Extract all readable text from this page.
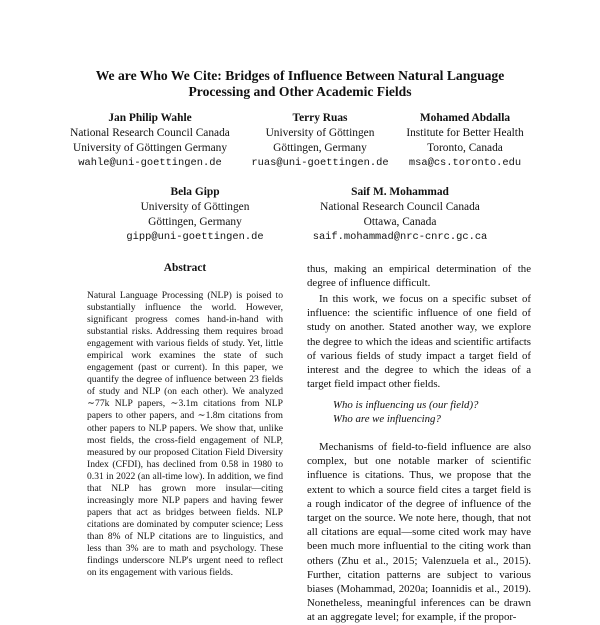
We are Who We Cite: Bridges of Influence Between Natural Language
Processing and Other Academic Fields
Jan Philip Wahle
National Research Council Canada
University of Göttingen Germany
wahle@uni-goettingen.de
Terry Ruas
University of Göttingen
Göttingen, Germany
ruas@uni-goettingen.de
Mohamed Abdalla
Institute for Better Health
Toronto, Canada
msa@cs.toronto.edu
Bela Gipp
University of Göttingen
Göttingen, Germany
gipp@uni-goettingen.de
Saif M. Mohammad
National Research Council Canada
Ottawa, Canada
saif.mohammad@nrc-cnrc.gc.ca
Abstract
Natural Language Processing (NLP) is poised to substantially influence the world. However, significant progress comes hand-in-hand with substantial risks. Addressing them requires broad engagement with various fields of study. Yet, little empirical work examines the state of such engagement (past or current). In this paper, we quantify the degree of influence between 23 fields of study and NLP (on each other). We analyzed ∼77k NLP papers, ∼3.1m citations from NLP papers to other papers, and ∼1.8m citations from other papers to NLP papers. We show that, unlike most fields, the cross-field engagement of NLP, measured by our proposed Citation Field Diversity Index (CFDI), has declined from 0.58 in 1980 to 0.31 in 2022 (an all-time low). In addition, we find that NLP has grown more insular—citing increasingly more NLP papers and having fewer papers that act as bridges between fields. NLP citations are dominated by computer science; Less than 8% of NLP citations are to linguistics, and less than 3% are to math and psychology. These findings underscore NLP's urgent need to reflect on its engagement with various fields.
thus, making an empirical determination of the degree of influence difficult.
In this work, we focus on a specific subset of influence: the scientific influence of one field of study on another. Stated another way, we explore the degree to which the ideas and scientific artifacts of various fields of study impact a target field of interest and the degree to which the ideas of a target field impact other fields.
Who is influencing us (our field)?
Who are we influencing?
Mechanisms of field-to-field influence are also complex, but one notable marker of scientific influence is citations. Thus, we propose that the extent to which a source field cites a target field is a rough indicator of the degree of influence of the target on the source. We note here, though, that not all citations are equal—some cited work may have been much more influential to the citing work than others (Zhu et al., 2015; Valenzuela et al., 2015). Further, citation patterns are subject to various biases (Mohammad, 2020a; Ioannidis et al., 2019). Nonetheless, meaningful inferences can be drawn at an aggregate level; for example, if the propor-
